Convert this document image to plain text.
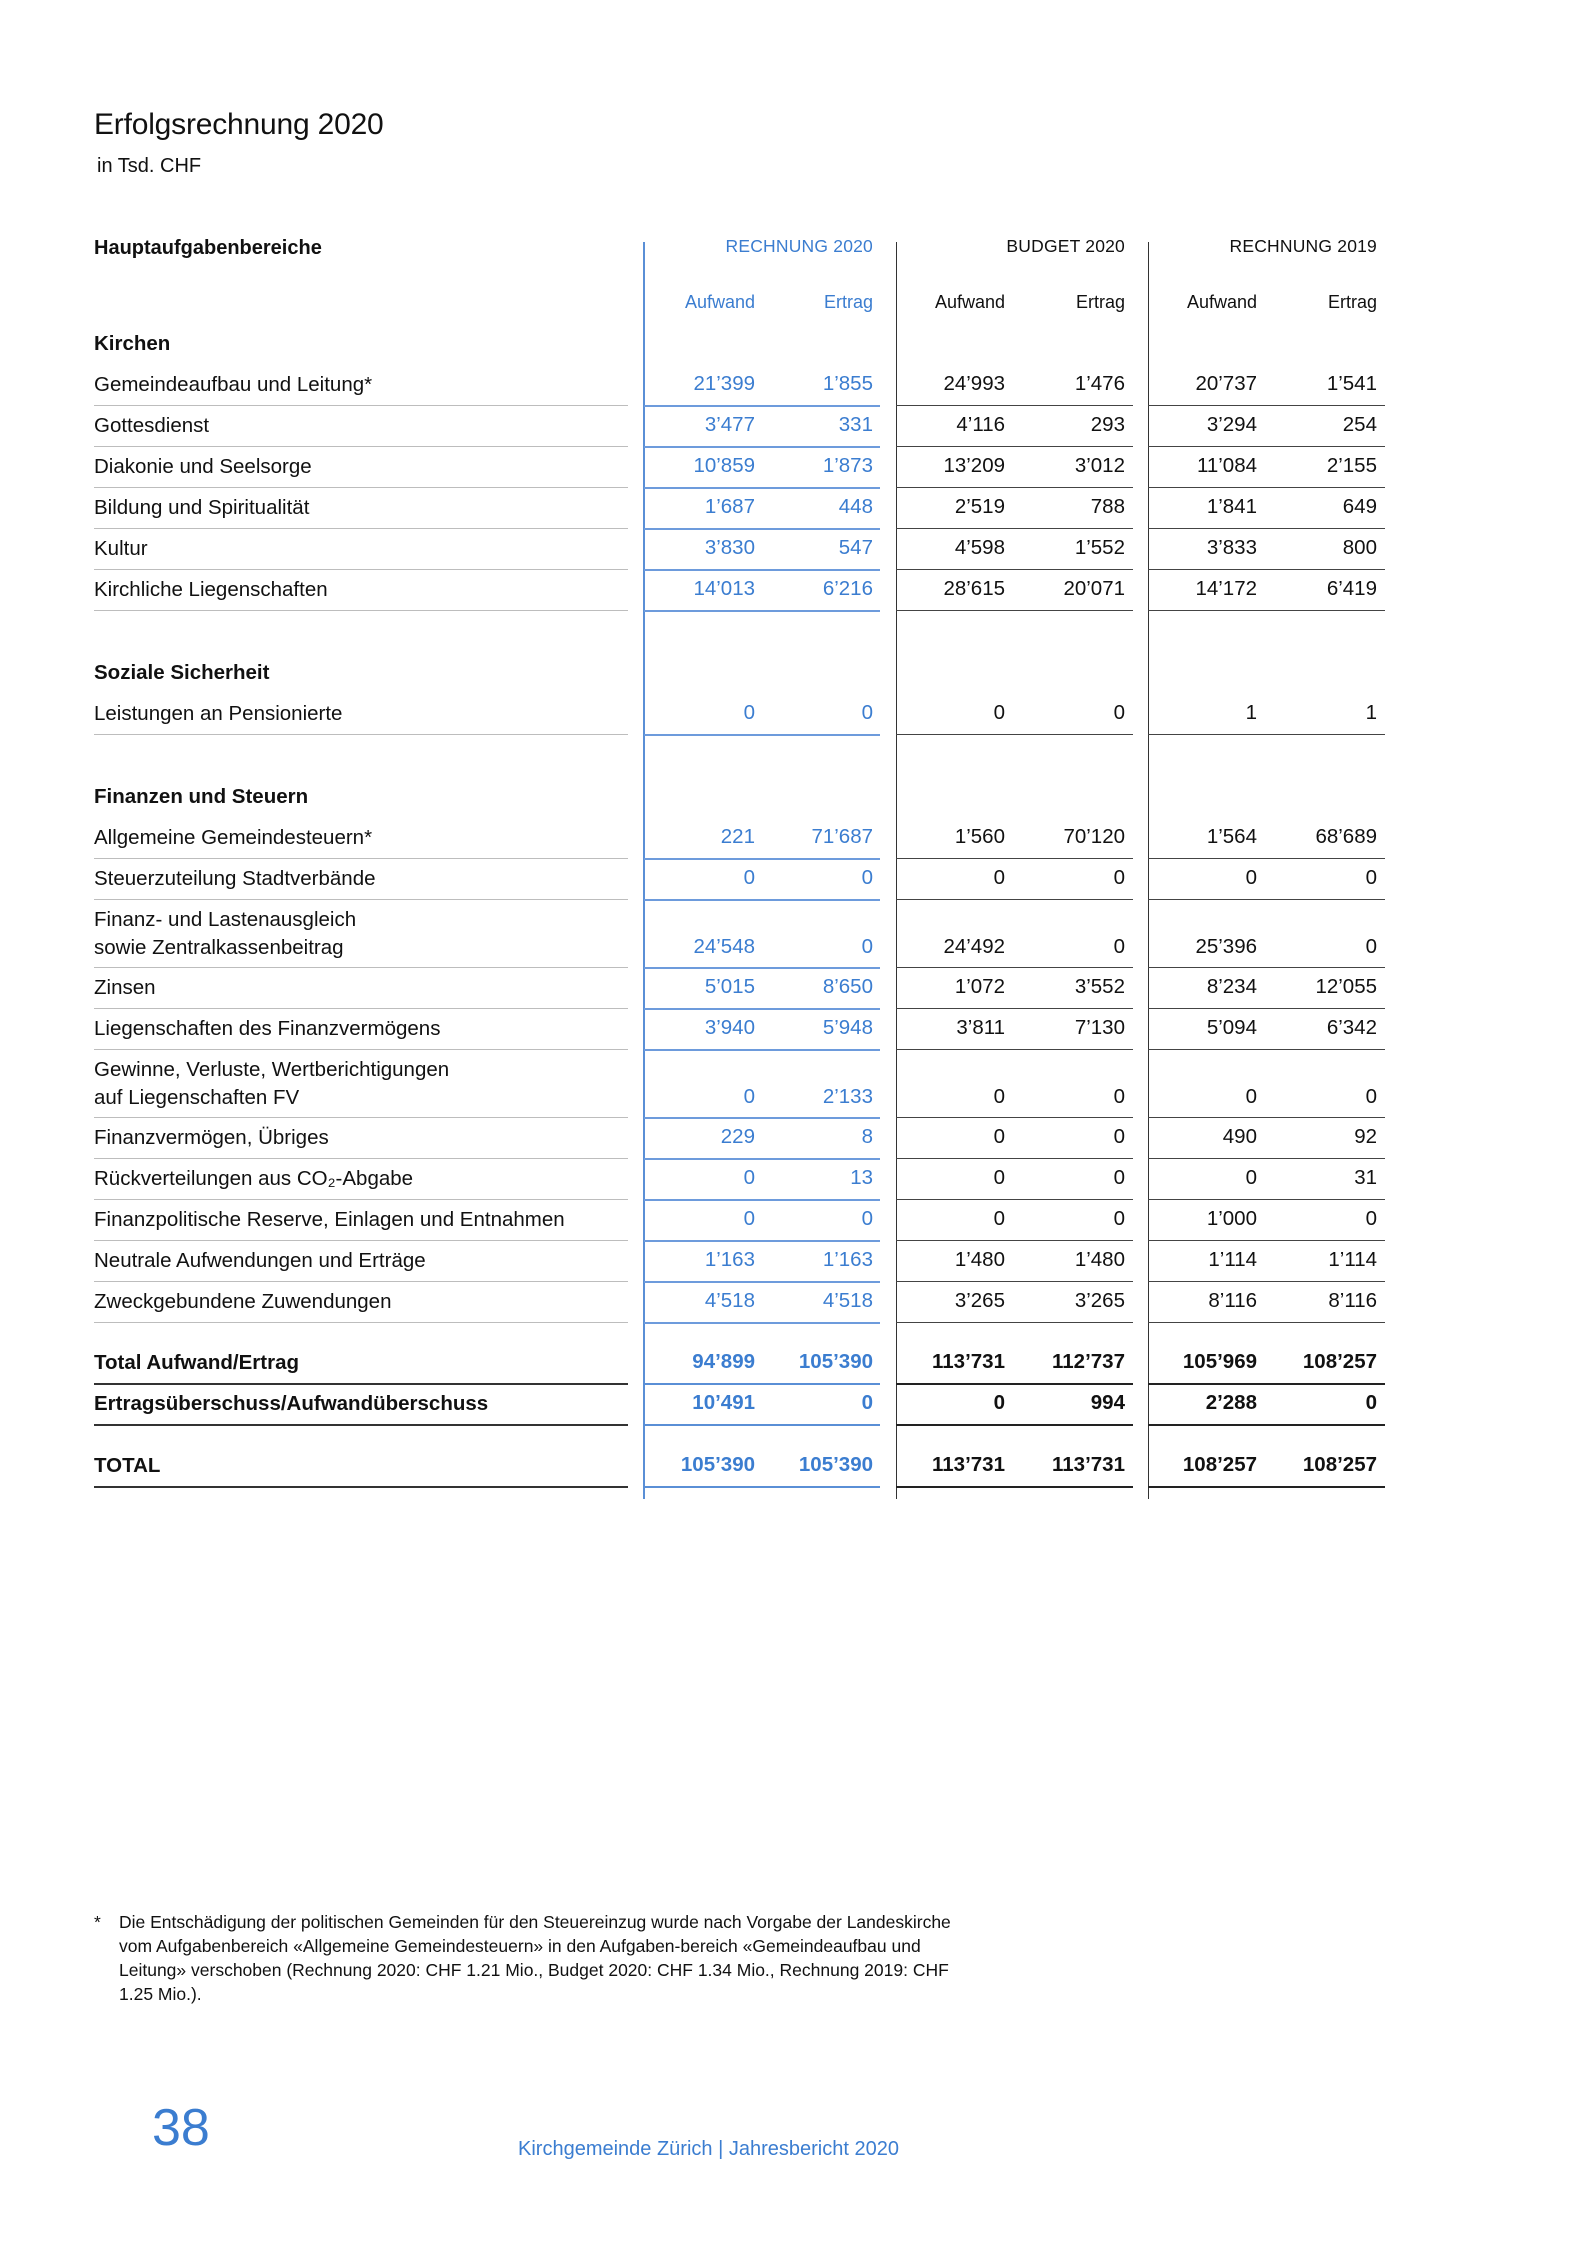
Erfolgsrechnung 2020
in Tsd. CHF
Hauptaufgabenbereiche	RECHNUNG 2020	BUDGET 2020	RECHNUNG 2019
Aufwand	Ertrag	Aufwand	Ertrag	Aufwand	Ertrag
Kirchen
Gemeindeaufbau und Leitung*	21’399	1’855	24’993	1’476	20’737	1’541
Gottesdienst	3’477	331	4’116	293	3’294	254
Diakonie und Seelsorge	10’859	1’873	13’209	3’012	11’084	2’155
Bildung und Spiritualität	1’687	448	2’519	788	1’841	649
Kultur	3’830	547	4’598	1’552	3’833	800
Kirchliche Liegenschaften	14’013	6’216	28’615	20’071	14’172	6’419
Soziale Sicherheit
Leistungen an Pensionierte	0	0	0	0	1	1
Finanzen und Steuern
Allgemeine Gemeindesteuern*	221	71’687	1’560	70’120	1’564	68’689
Steuerzuteilung Stadtverbände	0	0	0	0	0	0
Finanz- und Lastenausgleich
sowie Zentralkassenbeitrag	24’548	0	24’492	0	25’396	0
Zinsen	5’015	8’650	1’072	3’552	8’234	12’055
Liegenschaften des Finanzvermögens	3’940	5’948	3’811	7’130	5’094	6’342
Gewinne, Verluste, Wertberichtigungen
auf Liegenschaften FV	0	2’133	0	0	0	0
Finanzvermögen, Übriges	229	8	0	0	490	92
Rückverteilungen aus CO₂-Abgabe	0	13	0	0	0	31
Finanzpolitische Reserve, Einlagen und Entnahmen	0	0	0	0	1’000	0
Neutrale Aufwendungen und Erträge	1’163	1’163	1’480	1’480	1’114	1’114
Zweckgebundene Zuwendungen	4’518	4’518	3’265	3’265	8’116	8’116
Total Aufwand/Ertrag	94’899	105’390	113’731	112’737	105’969	108’257
Ertragsüberschuss/Aufwandüberschuss	10’491	0	0	994	2’288	0
TOTAL	105’390	105’390	113’731	113’731	108’257	108’257
* Die Entschädigung der politischen Gemeinden für den Steuereinzug wurde nach Vorgabe der Landeskirche vom Aufgabenbereich «Allgemeine Gemeindesteuern» in den Aufgaben-bereich «Gemeindeaufbau und Leitung» verschoben (Rechnung 2020: CHF 1.21 Mio., Budget 2020: CHF 1.34 Mio., Rechnung 2019: CHF 1.25 Mio.).
38	Kirchgemeinde Zürich | Jahresbericht 2020
